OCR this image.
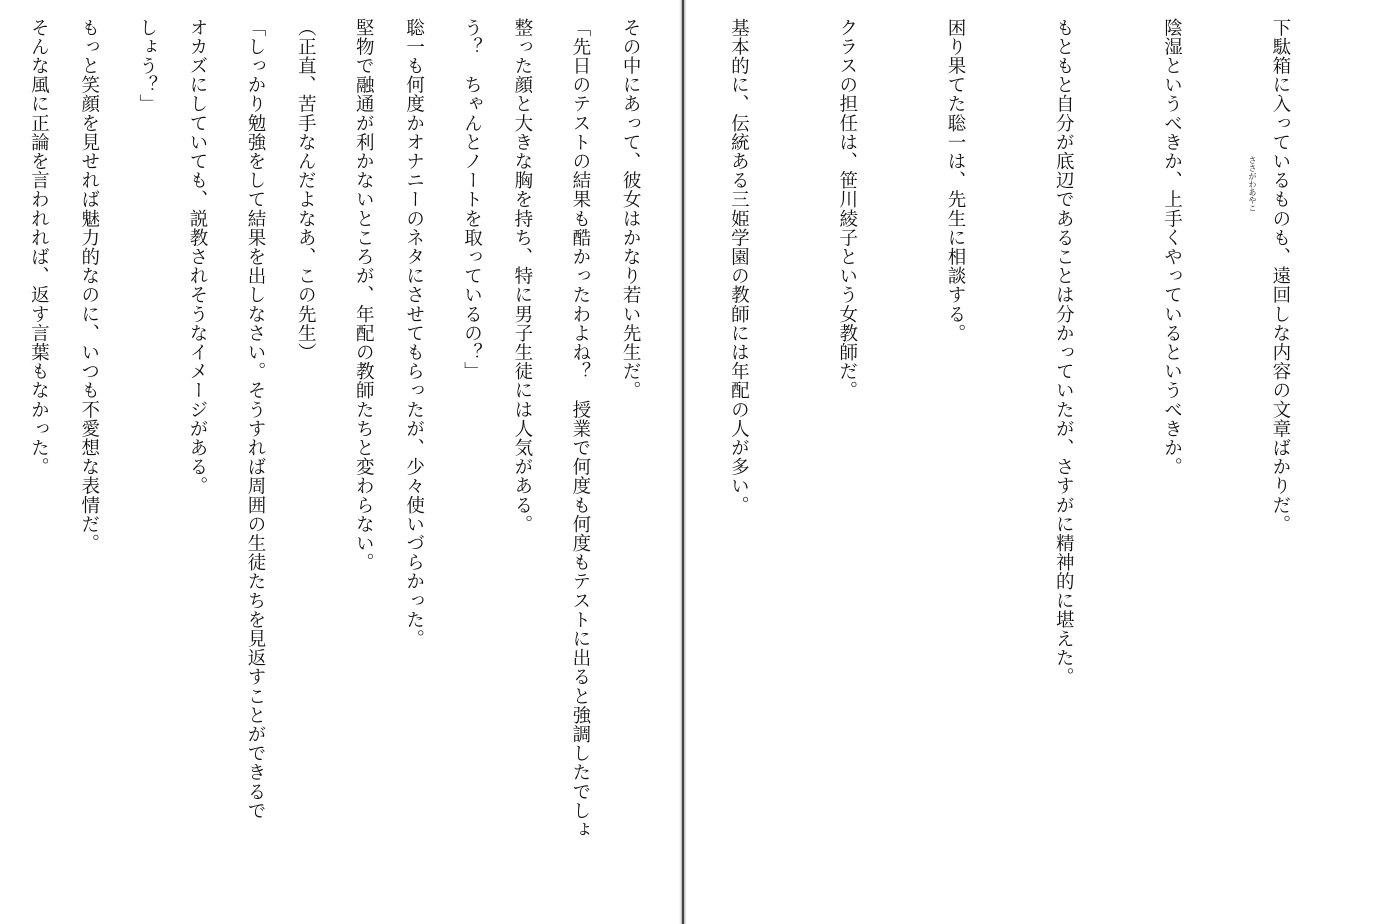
「先日のテストの結果も酷かったわよね？　授業で何度も何度もテストに出ると強調したでしょ

う？　ちゃんとノートを取っているの？」

堅物で融通が利かないところが、年配の教師たちと変わらない。

「しっかり勉強をして結果を出しなさい。そうすれば周囲の生徒たちを見返すことができるで

しょう？」

そんな風に正論を言われれば、返す言葉もなかった。

	下駄箱に入っているものも、遠回しな内容の文章ばかりだ。

陰湿というべきか、上手くやっているというべきか。

もともと自分が底辺であることは分かっていたが、さすがに精神的に堪えた。

困り果てた聡一は、先生に相談する。

クラスの担任は、笹川綾子という女教師だ。

基本的に、伝統ある三姫学園の教師には年配の人が多い。

その中にあって、彼女はかなり若い先生だ。

整った顔と大きな胸を持ち、特に男子生徒には人気がある。

聡一も何度かオナニーのネタにさせてもらったが、少々使いづらかった。

（正直、苦手なんだよなあ、この先生）

オカズにしていても、説教されそうなイメージがある。

もっと笑顔を見せれば魅力的なのに、いつも不愛想な表情だ。

	ささがわあやこ
